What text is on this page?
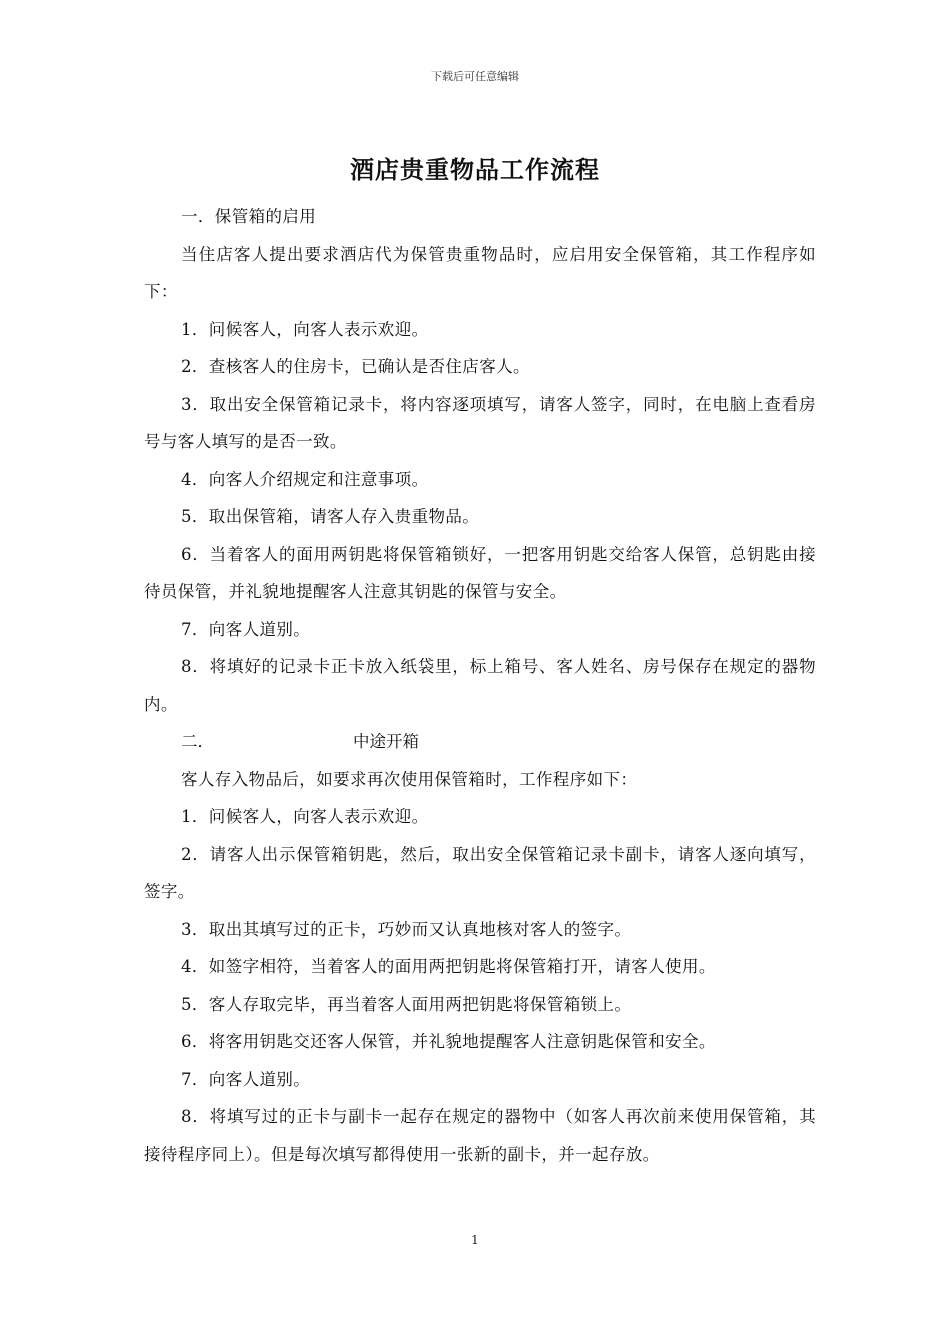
下载后可任意编辑
酒店贵重物品工作流程

一．保管箱的启用

当住店客人提出要求酒店代为保管贵重物品时，应启用安全保管箱，其工作程序如下：

1．问候客人，向客人表示欢迎。

2．查核客人的住房卡，已确认是否住店客人。

3．取出安全保管箱记录卡，将内容逐项填写，请客人签字，同时，在电脑上查看房号与客人填写的是否一致。

4．向客人介绍规定和注意事项。

5．取出保管箱，请客人存入贵重物品。

6．当着客人的面用两钥匙将保管箱锁好，一把客用钥匙交给客人保管，总钥匙由接待员保管，并礼貌地提醒客人注意其钥匙的保管与安全。

7．向客人道别。

8．将填好的记录卡正卡放入纸袋里，标上箱号、客人姓名、房号保存在规定的器物内。

二．	中途开箱

客人存入物品后，如要求再次使用保管箱时，工作程序如下：

1．问候客人，向客人表示欢迎。

2．请客人出示保管箱钥匙，然后，取出安全保管箱记录卡副卡，请客人逐向填写，签字。

3．取出其填写过的正卡，巧妙而又认真地核对客人的签字。

4．如签字相符，当着客人的面用两把钥匙将保管箱打开，请客人使用。

5．客人存取完毕，再当着客人面用两把钥匙将保管箱锁上。

6．将客用钥匙交还客人保管，并礼貌地提醒客人注意钥匙保管和安全。

7．向客人道别。

8．将填写过的正卡与副卡一起存在规定的器物中（如客人再次前来使用保管箱，其接待程序同上）。但是每次填写都得使用一张新的副卡，并一起存放。

1
